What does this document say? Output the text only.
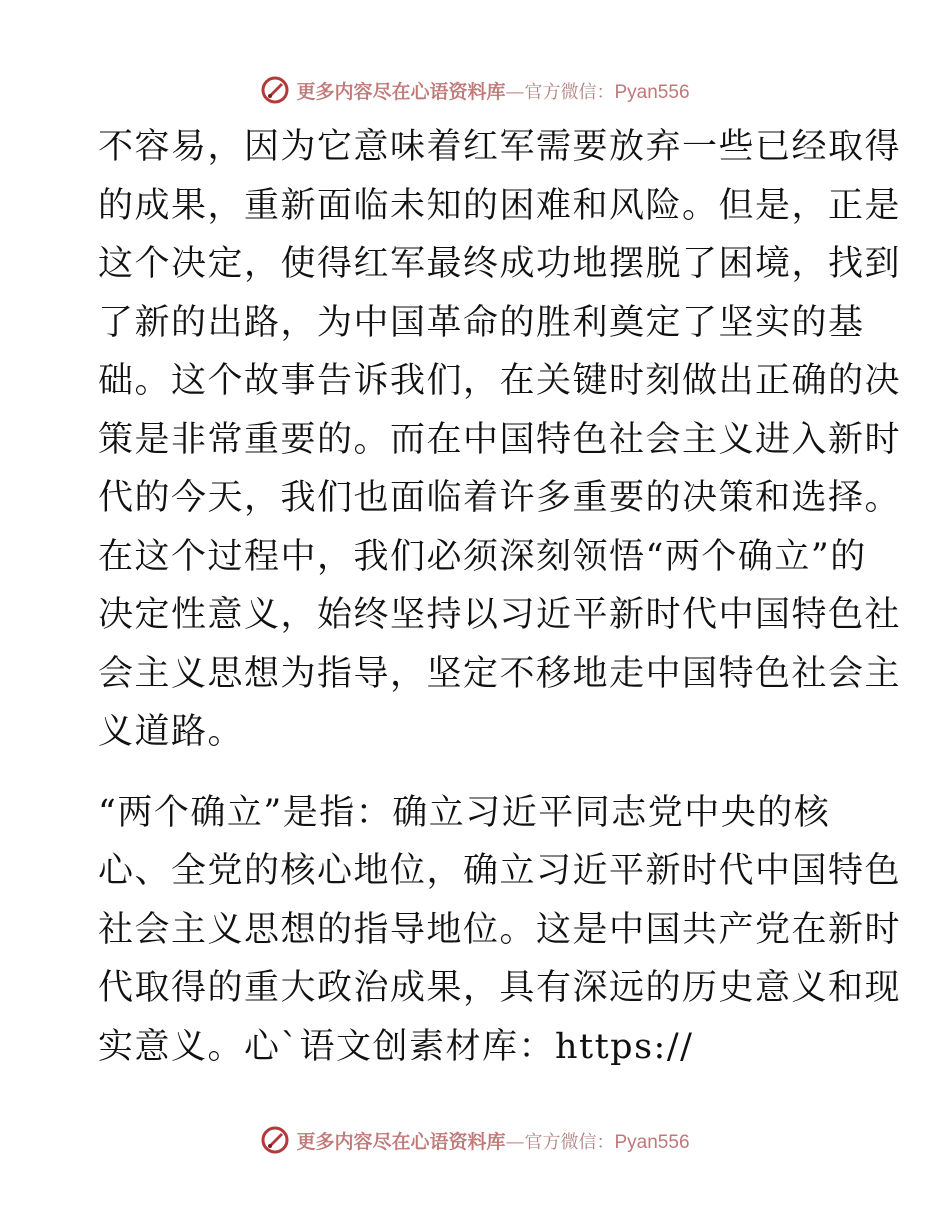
更多内容尽在心语资料库—官方微信：Pyan556
不容易，因为它意味着红军需要放弃一些已经取得
的成果，重新面临未知的困难和风险。但是，正是
这个决定，使得红军最终成功地摆脱了困境，找到
了新的出路，为中国革命的胜利奠定了坚实的基
础。这个故事告诉我们，在关键时刻做出正确的决
策是非常重要的。而在中国特色社会主义进入新时
代的今天，我们也面临着许多重要的决策和选择。
在这个过程中，我们必须深刻领悟“两个确立”的
决定性意义，始终坚持以习近平新时代中国特色社
会主义思想为指导，坚定不移地走中国特色社会主
义道路。
“两个确立”是指：确立习近平同志党中央的核
心、全党的核心地位，确立习近平新时代中国特色
社会主义思想的指导地位。这是中国共产党在新时
代取得的重大政治成果，具有深远的历史意义和现
实意义。心`语文创素材库：https://
更多内容尽在心语资料库—官方微信：Pyan556
